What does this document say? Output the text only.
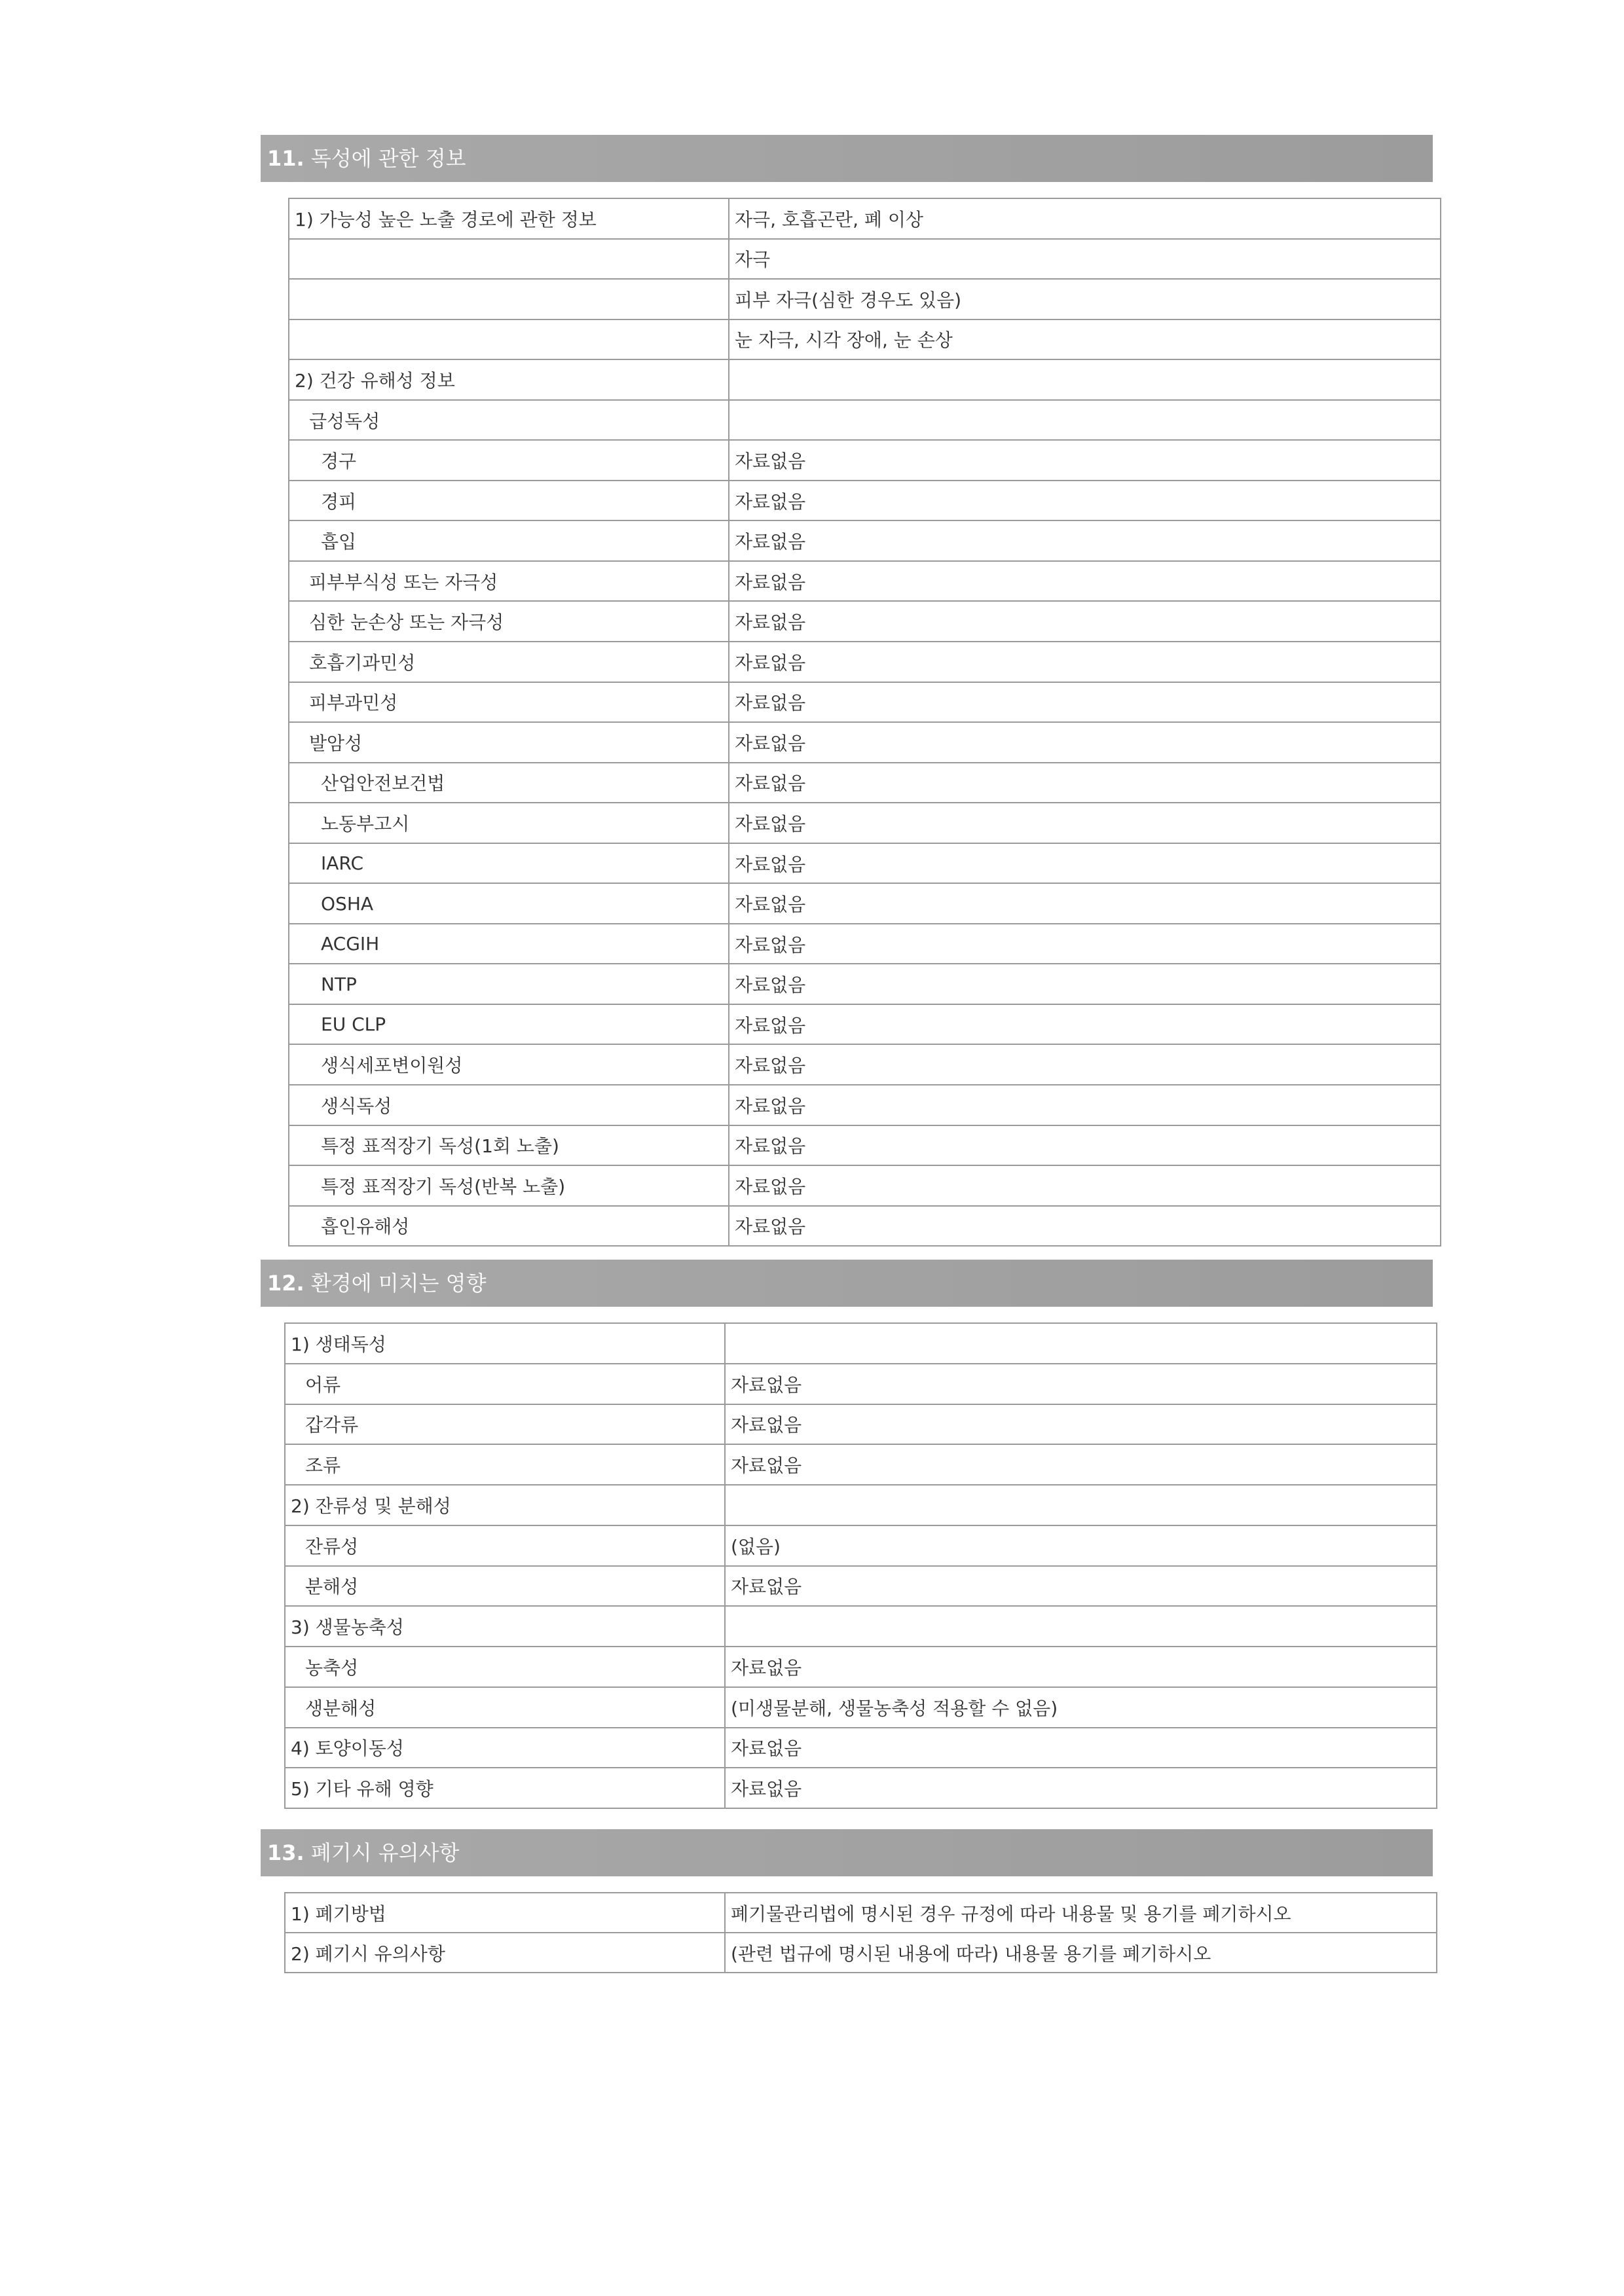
11. 독성에 관한 정보
1) 가능성 높은 노출 경로에 관한 정보	자극, 호흡곤란, 폐 이상
	자극
	피부 자극(심한 경우도 있음)
	눈 자극, 시각 장애, 눈 손상
2) 건강 유해성 정보	
급성독성	
경구	자료없음
경피	자료없음
흡입	자료없음
피부부식성 또는 자극성	자료없음
심한 눈손상 또는 자극성	자료없음
호흡기과민성	자료없음
피부과민성	자료없음
발암성	자료없음
산업안전보건법	자료없음
노동부고시	자료없음
IARC	자료없음
OSHA	자료없음
ACGIH	자료없음
NTP	자료없음
EU CLP	자료없음
생식세포변이원성	자료없음
생식독성	자료없음
특정 표적장기 독성(1회 노출)	자료없음
특정 표적장기 독성(반복 노출)	자료없음
흡인유해성	자료없음
12. 환경에 미치는 영향
1) 생태독성	
어류	자료없음
갑각류	자료없음
조류	자료없음
2) 잔류성 및 분해성	
잔류성	(없음)
분해성	자료없음
3) 생물농축성	
농축성	자료없음
생분해성	(미생물분해, 생물농축성 적용할 수 없음)
4) 토양이동성	자료없음
5) 기타 유해 영향	자료없음
13. 폐기시 유의사항
1) 폐기방법	폐기물관리법에 명시된 경우 규정에 따라 내용물 및 용기를 폐기하시오
2) 폐기시 유의사항	(관련 법규에 명시된 내용에 따라) 내용물 용기를 폐기하시오
